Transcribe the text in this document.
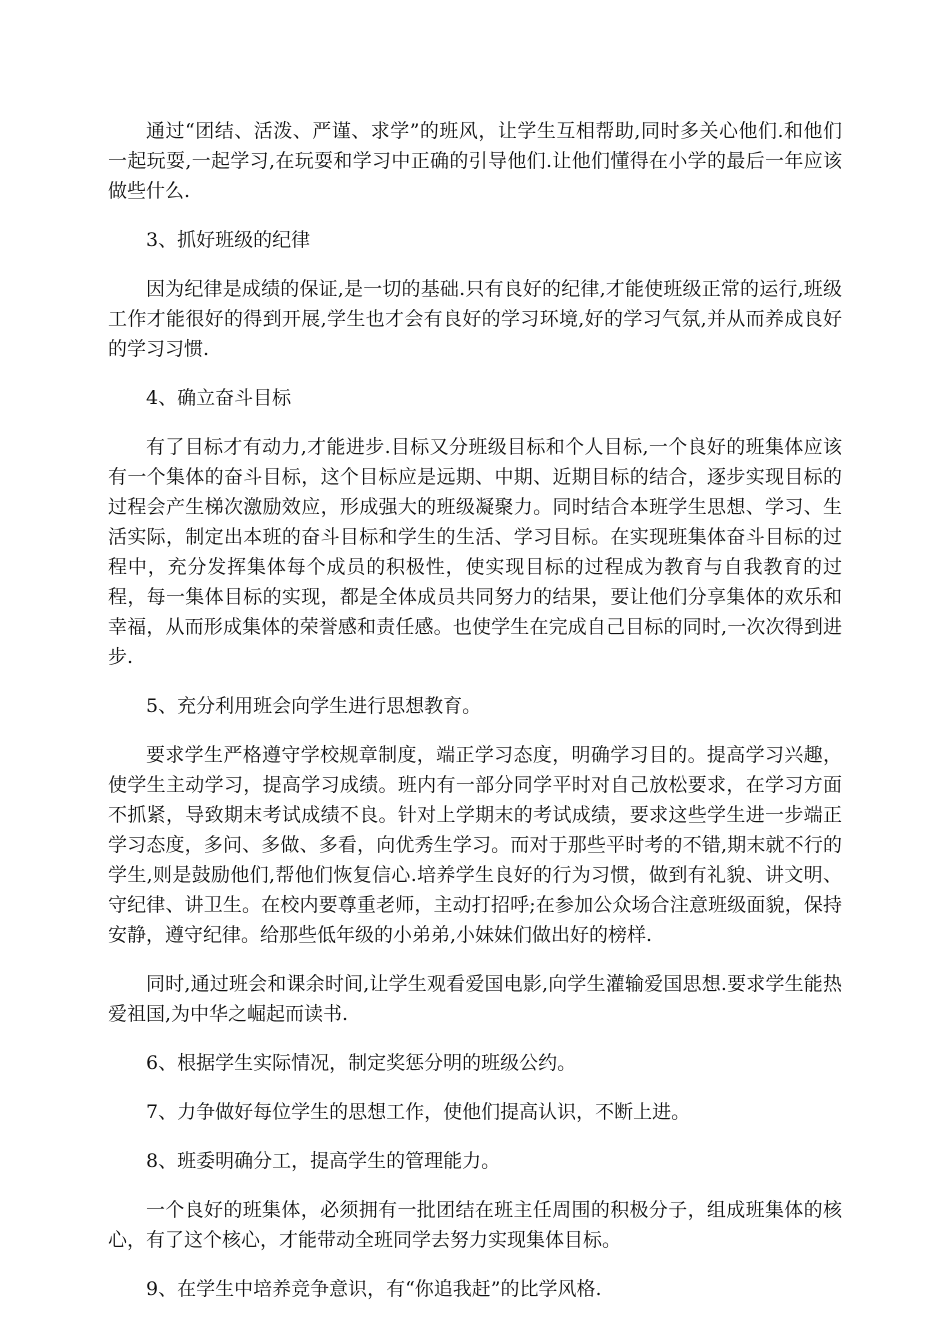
通过“团结、活泼、严谨、求学”的班风，让学生互相帮助,同时多关心他们.和他们一起玩耍,一起学习,在玩耍和学习中正确的引导他们.让他们懂得在小学的最后一年应该做些什么.

3、抓好班级的纪律

因为纪律是成绩的保证,是一切的基础.只有良好的纪律,才能使班级正常的运行,班级工作才能很好的得到开展,学生也才会有良好的学习环境,好的学习气氛,并从而养成良好的学习习惯.

4、确立奋斗目标

有了目标才有动力,才能进步.目标又分班级目标和个人目标,一个良好的班集体应该有一个集体的奋斗目标，这个目标应是远期、中期、近期目标的结合，逐步实现目标的过程会产生梯次激励效应，形成强大的班级凝聚力。同时结合本班学生思想、学习、生活实际，制定出本班的奋斗目标和学生的生活、学习目标。在实现班集体奋斗目标的过程中，充分发挥集体每个成员的积极性，使实现目标的过程成为教育与自我教育的过程，每一集体目标的实现，都是全体成员共同努力的结果，要让他们分享集体的欢乐和幸福，从而形成集体的荣誉感和责任感。也使学生在完成自己目标的同时,一次次得到进步.

5、充分利用班会向学生进行思想教育。

要求学生严格遵守学校规章制度，端正学习态度，明确学习目的。提高学习兴趣，使学生主动学习，提高学习成绩。班内有一部分同学平时对自己放松要求，在学习方面不抓紧，导致期末考试成绩不良。针对上学期末的考试成绩，要求这些学生进一步端正学习态度，多问、多做、多看，向优秀生学习。而对于那些平时考的不错,期末就不行的学生,则是鼓励他们,帮他们恢复信心.培养学生良好的行为习惯，做到有礼貌、讲文明、守纪律、讲卫生。在校内要尊重老师，主动打招呼;在参加公众场合注意班级面貌，保持安静，遵守纪律。给那些低年级的小弟弟,小妹妹们做出好的榜样.

同时,通过班会和课余时间,让学生观看爱国电影,向学生灌输爱国思想.要求学生能热爱祖国,为中华之崛起而读书.

6、根据学生实际情况，制定奖惩分明的班级公约。

7、力争做好每位学生的思想工作，使他们提高认识，不断上进。

8、班委明确分工，提高学生的管理能力。

一个良好的班集体，必须拥有一批团结在班主任周围的积极分子，组成班集体的核心，有了这个核心，才能带动全班同学去努力实现集体目标。

9、在学生中培养竞争意识，有“你追我赶”的比学风格.
